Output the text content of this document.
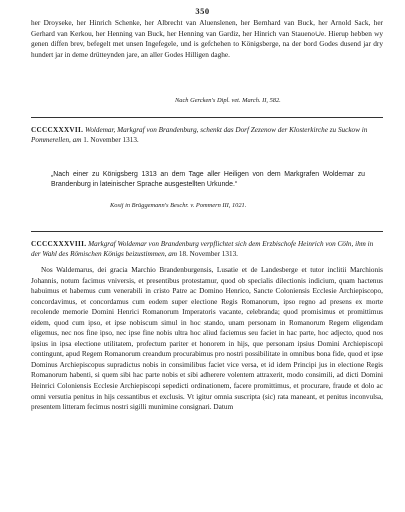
350

her Droyseke, her Hinrich Schenke, her Albrecht van Aluenslenen, her Bernhard van Buck, her Arnold Sack, her Gerhard van Kerkou, her Henning van Buck, her Henning van Gardiz, her Hinrich van Staueno∪e. Hierup hebben wy genen diffen brev, befegelt met unsen Ingefegele, und is gefchehen to Königsberge, na der bord Godes dusend jar dry hundert jar in deme drütteynden jare, an aller Godes Hilligen daghe.

Nach Gercken's Dipl. vet. March. II, 582.
CCCCXXXVII. Woldemar, Markgraf von Brandenburg, schenkt das Dorf Zezenow der Klosterkirche zu Suckow in Pommerellen, am 1. November 1313.
„Nach einer zu Königsberg 1313 an dem Tage aller Heiligen von dem Markgrafen Woldemar zu Brandenburg in lateinischer Sprache ausgestellten Urkunde.“
Kosij in Brüggemann's Beschr. v. Pommern III, 1021.
CCCCXXXVIII. Markgraf Woldemar von Brandenburg verpflichtet sich dem Erzbischofe Heinrich von Cöln, ihm in der Wahl des Römischen Königs beizustimmen, am 18. November 1313.

Nos Waldemarus, dei gracia Marchio Brandenburgensis, Lusatie et de Landesberge et tutor inclitii Marchionis Johannis, notum facimus vniversis, et presentibus protestamur, quod ob specialis dilectionis indicium, quam hactenus habuimus et habemus cum venerabili in cristo Patre ac Domino Henrico, Sancte Coloniensis Ecclesie Archiepiscopo, concordavimus, et concordamus cum eodem super electione Regis Romanorum, ipso regno ad presens ex morte recolende memorie Domini Henrici Romanorum Imperatoris vacante, celebranda; quod promisimus et promittimus eidem, quod cum ipso, et ipse nobiscum simul in hoc stando, unam personam in Romanorum Regem eligendam eligemus, nec nos fine ipso, nec ipse fine nobis ultra hoc aliud faciemus seu faciet in hac parte, hoc adjecto, quod nos ipsius in ipsa electione utilitatem, profectum pariter et honorem in hijs, que personam ipsius Domini Archiepiscopi contingunt, apud Regem Romanorum creandum procurabimus pro nostri possibilitate in omnibus bona fide, quod et ipse Dominus Archiepiscopus supradictus nobis in consimilibus faciet vice versa, et id idem Principi jus in electione Regis Romanorum habenti, si quem sibi hac parte nobis et sibi adherere volentem attraxerit, modo consimili, ad dicti Domini Heinrici Coloniensis Ecclesie Archiepiscopi sepedicti ordinationem, facere promittimus, et procurare, fraude et dolo ac omni versutia penitus in hijs cessantibus et exclusis. Vt igitur omnia suscripta (sic) rata maneant, et penitus inconvulsa, presentem litteram fecimus nostri sigilli munimine consignari. Datum
